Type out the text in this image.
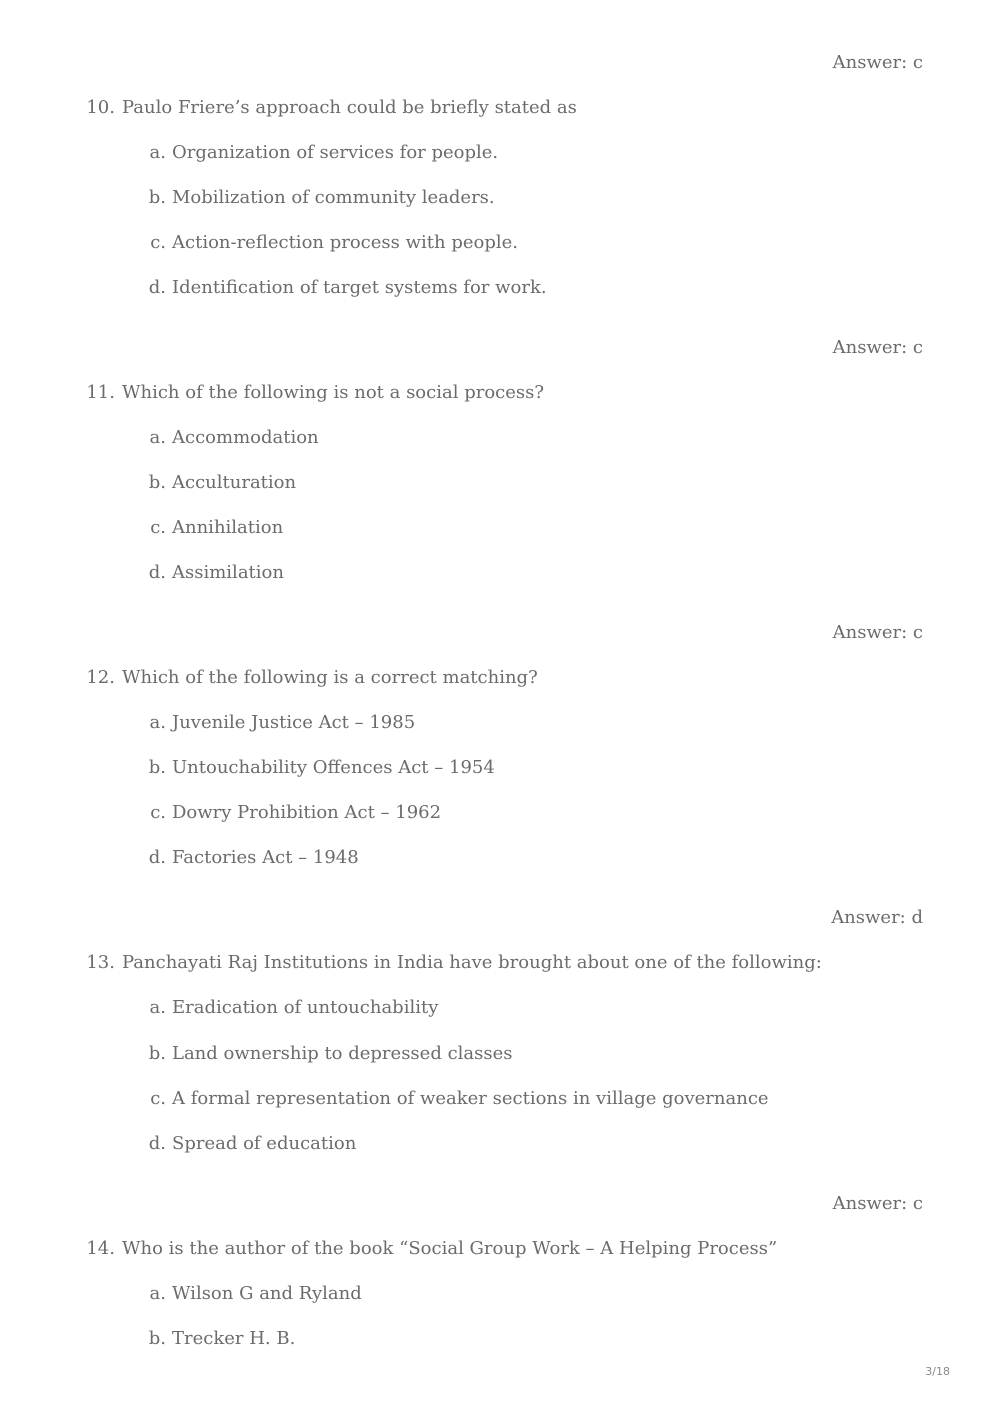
Answer: c
10. Paulo Friere’s approach could be briefly stated as
a. Organization of services for people.
b. Mobilization of community leaders.
c. Action-reflection process with people.
d. Identification of target systems for work.
Answer: c
11. Which of the following is not a social process?
a. Accommodation
b. Acculturation
c. Annihilation
d. Assimilation
Answer: c
12. Which of the following is a correct matching?
a. Juvenile Justice Act – 1985
b. Untouchability Offences Act – 1954
c. Dowry Prohibition Act – 1962
d. Factories Act – 1948
Answer: d
13. Panchayati Raj Institutions in India have brought about one of the following:
a. Eradication of untouchability
b. Land ownership to depressed classes
c. A formal representation of weaker sections in village governance
d. Spread of education
Answer: c
14. Who is the author of the book “Social Group Work – A Helping Process”
a. Wilson G and Ryland
b. Trecker H. B.
3/18
